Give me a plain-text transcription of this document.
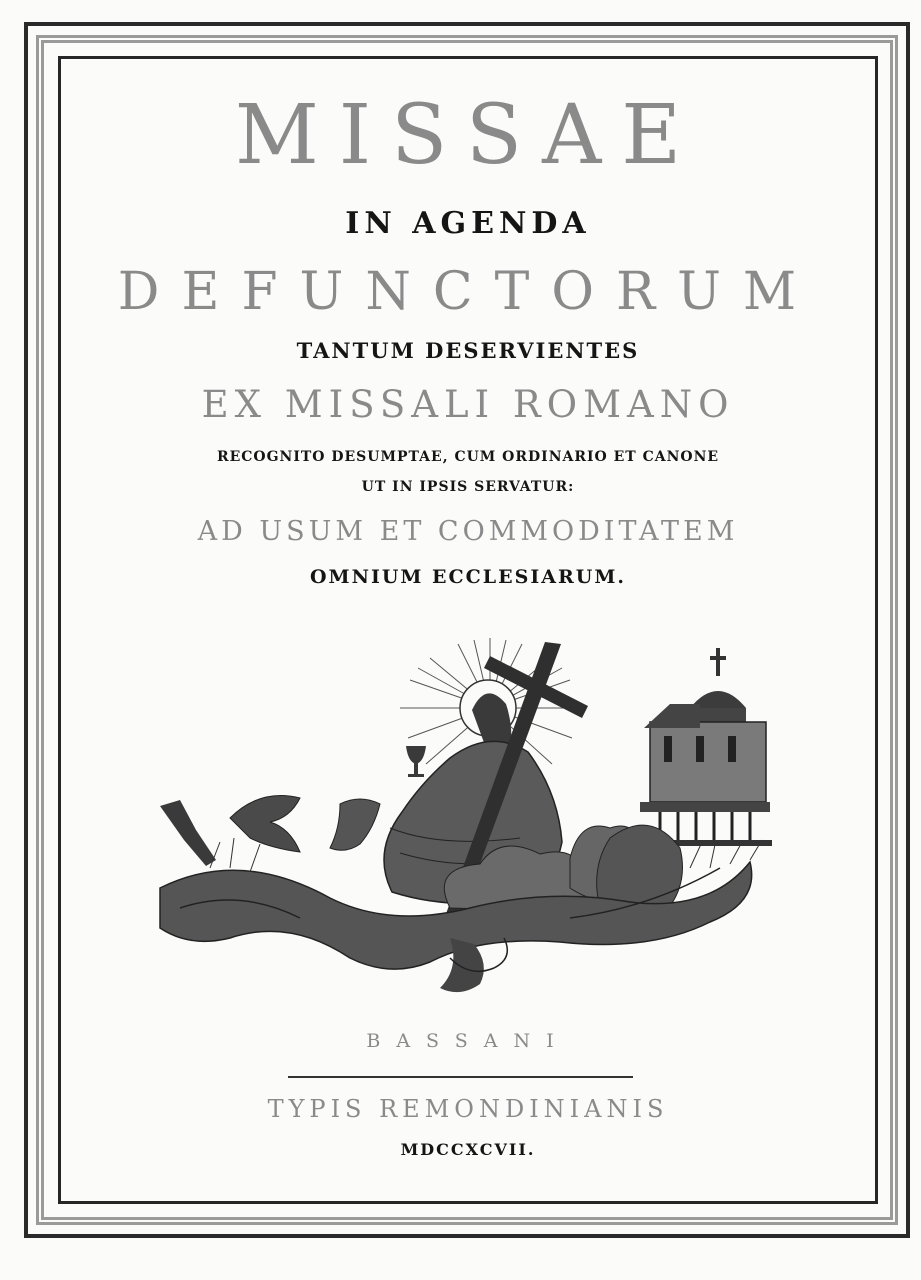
MISSAE
IN AGENDA
DEFUNCTORUM
TANTUM DESERVIENTES
EX MISSALI ROMANO
RECOGNITO DESUMPTAE, CUM ORDINARIO ET CANONE
UT IN IPSIS SERVATUR:
AD USUM ET COMMODITATEM
OMNIUM ECCLESIARUM.
BASSANI
TYPIS REMONDINIANIS
MDCCXCVII.
